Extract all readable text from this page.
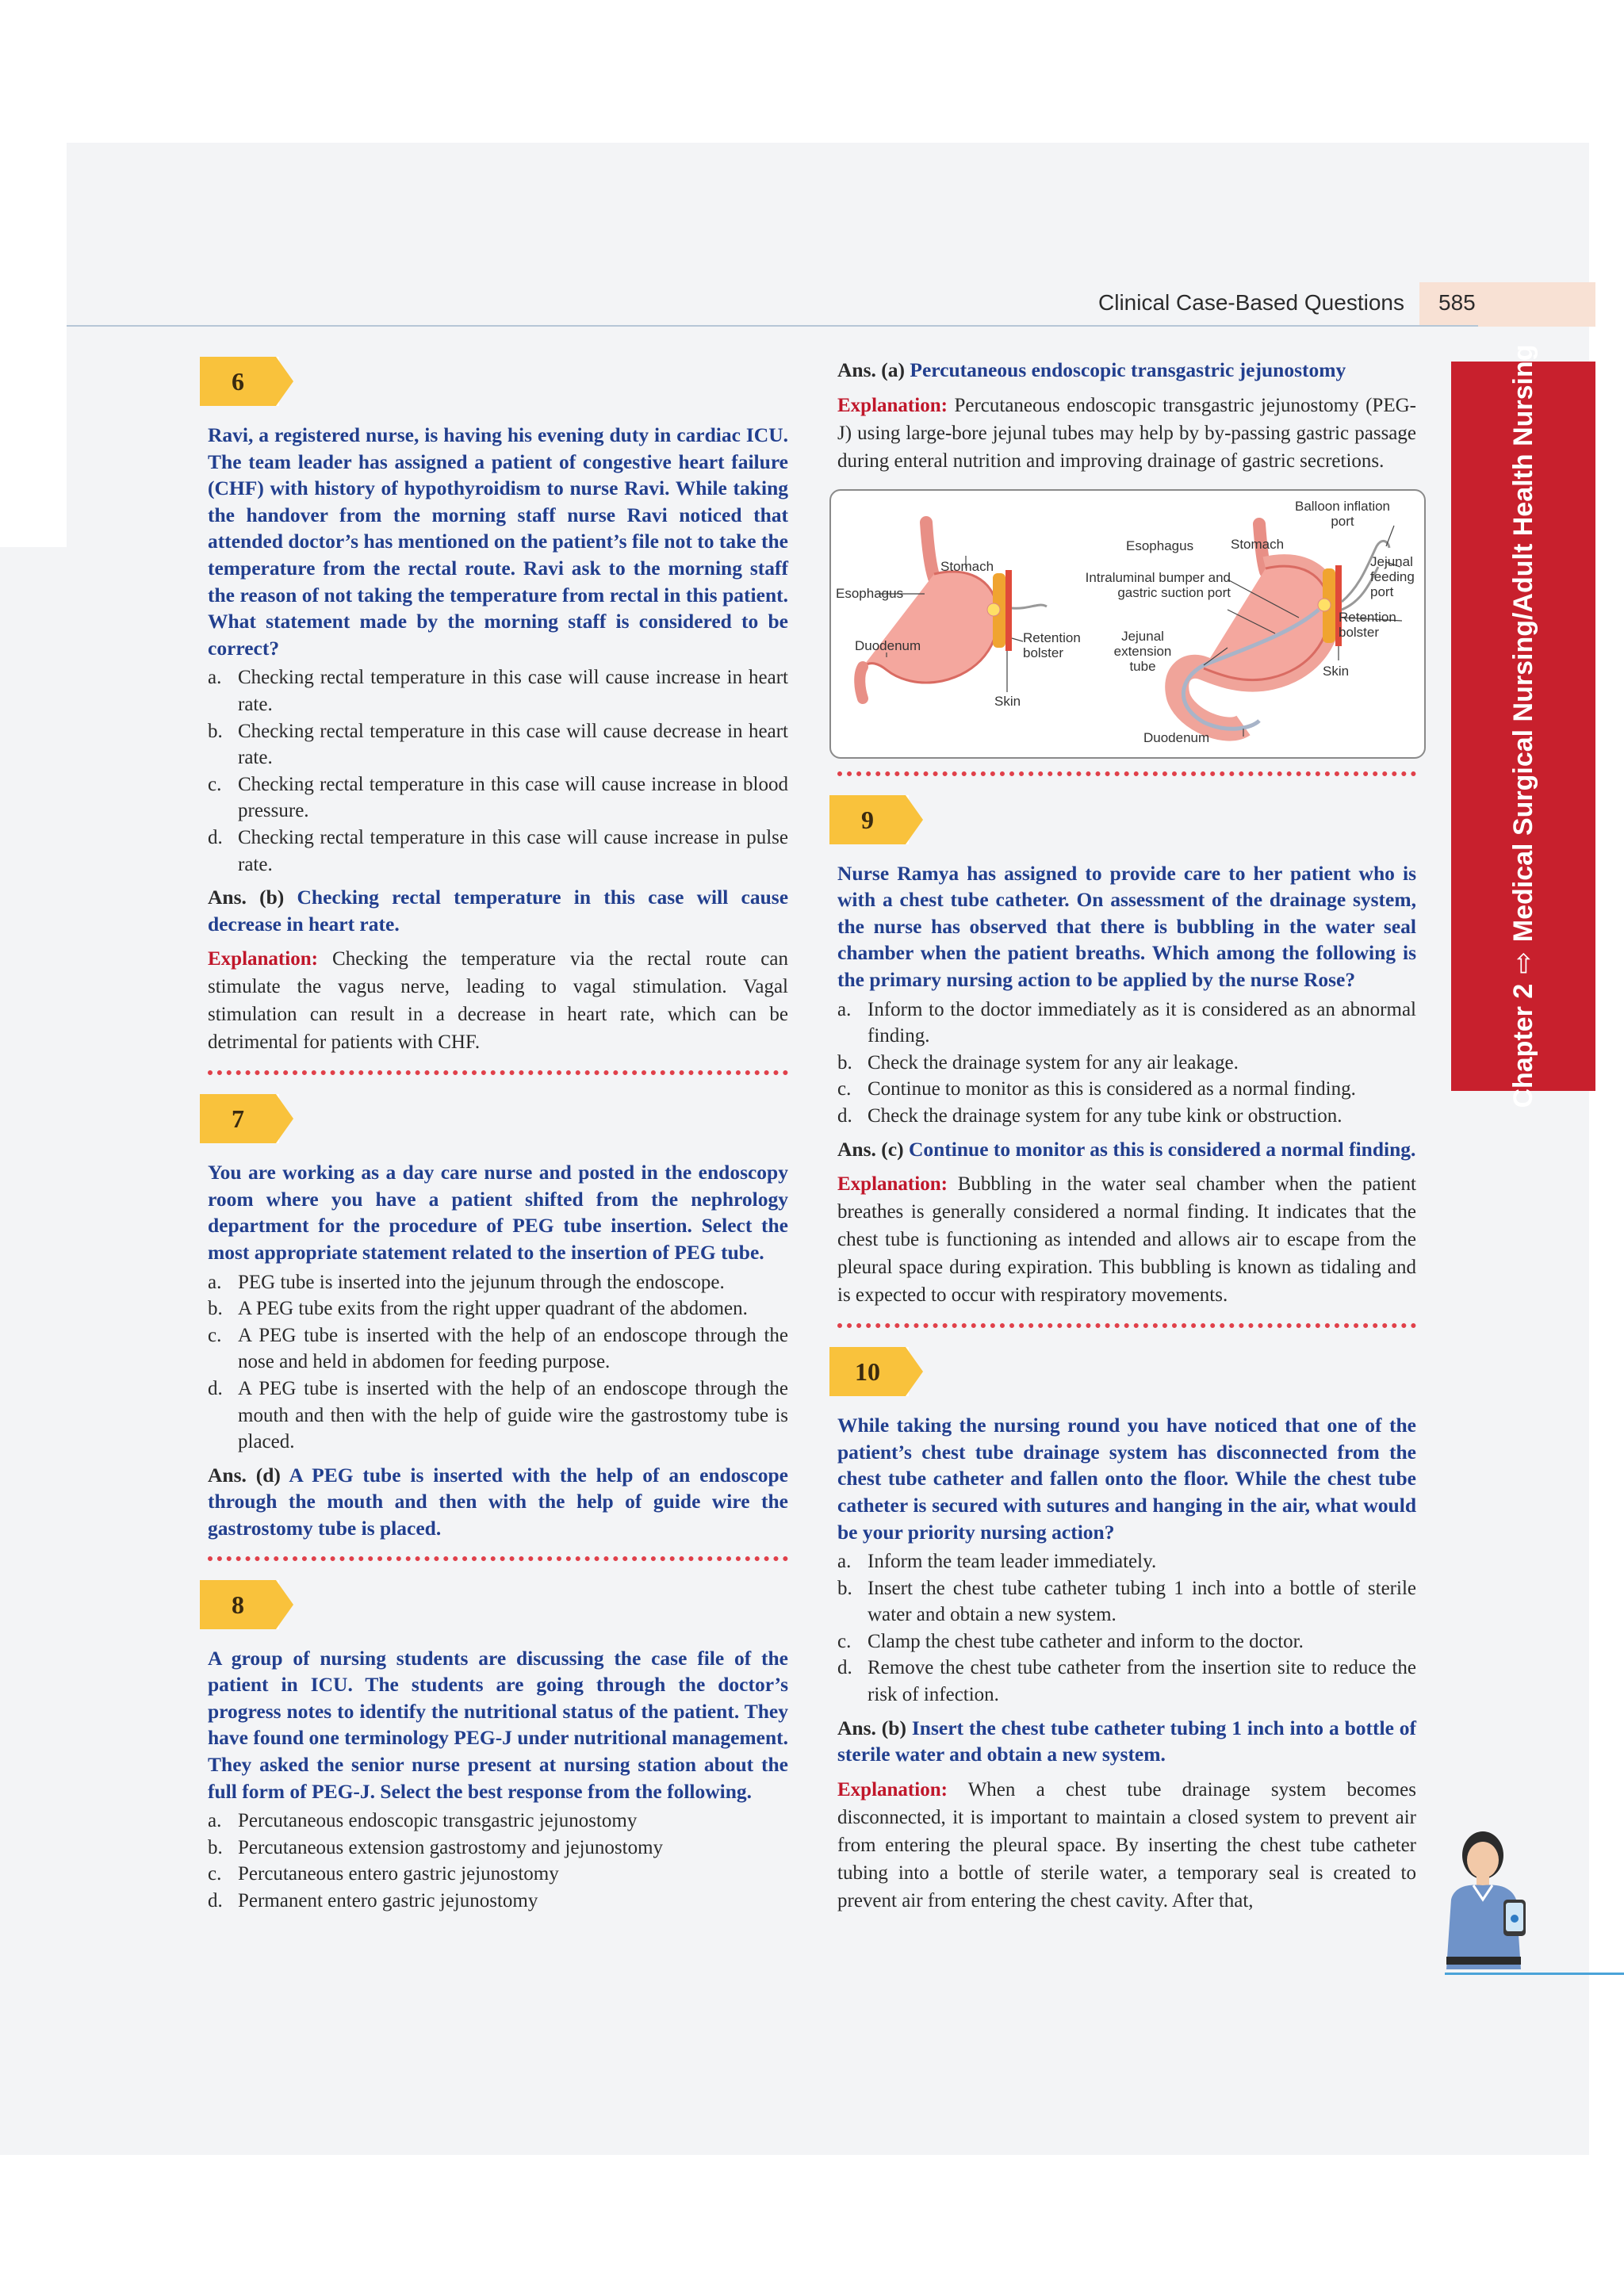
Clinical Case-Based Questions 585
Chapter 2⇨Medical Surgical Nursing/Adult Health Nursing
6
Ravi, a registered nurse, is having his evening duty in cardiac ICU. The team leader has assigned a patient of congestive heart failure (CHF) with history of hypothyroidism to nurse Ravi. While taking the handover from the morning staff nurse Ravi noticed that attended doctor’s has mentioned on the patient’s file not to take the temperature from the rectal route. Ravi ask to the morning staff the reason of not taking the temperature from rectal in this patient. What statement made by the morning staff is considered to be correct?
a. Checking rectal temperature in this case will cause increase in heart rate.
b. Checking rectal temperature in this case will cause decrease in heart rate.
c. Checking rectal temperature in this case will cause increase in blood pressure.
d. Checking rectal temperature in this case will cause increase in pulse rate.
Ans. (b) Checking rectal temperature in this case will cause decrease in heart rate.
Explanation: Checking the temperature via the rectal route can stimulate the vagus nerve, leading to vagal stimulation. Vagal stimulation can result in a decrease in heart rate, which can be detrimental for patients with CHF.
7
You are working as a day care nurse and posted in the endoscopy room where you have a patient shifted from the nephrology department for the procedure of PEG tube insertion. Select the most appropriate statement related to the insertion of PEG tube.
a. PEG tube is inserted into the jejunum through the endoscope.
b. A PEG tube exits from the right upper quadrant of the abdomen.
c. A PEG tube is inserted with the help of an endoscope through the nose and held in abdomen for feeding purpose.
d. A PEG tube is inserted with the help of an endoscope through the mouth and then with the help of guide wire the gastrostomy tube is placed.
Ans. (d) A PEG tube is inserted with the help of an endoscope through the mouth and then with the help of guide wire the gastrostomy tube is placed.
8
A group of nursing students are discussing the case file of the patient in ICU. The students are going through the doctor’s progress notes to identify the nutritional status of the patient. They have found one terminology PEG-J under nutritional management. They asked the senior nurse present at nursing station about the full form of PEG-J. Select the best response from the following.
a. Percutaneous endoscopic transgastric jejunostomy
b. Percutaneous extension gastrostomy and jejunostomy
c. Percutaneous entero gastric jejunostomy
d. Permanent entero gastric jejunostomy
Ans. (a) Percutaneous endoscopic transgastric jejunostomy
Explanation: Percutaneous endoscopic transgastric jejunostomy (PEG-J) using large-bore jejunal tubes may help by by-passing gastric passage during enteral nutrition and improving drainage of gastric secretions.
Esophagus
Stomach
Duodenum
Retention bolster
Skin
Esophagus	Stomach
Balloon inflation port
Jejunal feeding port
Intraluminal bumper and gastric suction port
Jejunal extension tube
Retention bolster
Skin
Duodenum
9
Nurse Ramya has assigned to provide care to her patient who is with a chest tube catheter. On assessment of the drainage system, the nurse has observed that there is bubbling in the water seal chamber when the patient breaths. Which among the following is the primary nursing action to be applied by the nurse Rose?
a. Inform to the doctor immediately as it is considered as an abnormal finding.
b. Check the drainage system for any air leakage.
c. Continue to monitor as this is considered as a normal finding.
d. Check the drainage system for any tube kink or obstruction.
Ans. (c) Continue to monitor as this is considered a normal finding.
Explanation: Bubbling in the water seal chamber when the patient breathes is generally considered a normal finding. It indicates that the chest tube is functioning as intended and allows air to escape from the pleural space during expiration. This bubbling is known as tidaling and is expected to occur with respiratory movements.
10
While taking the nursing round you have noticed that one of the patient’s chest tube drainage system has disconnected from the chest tube catheter and fallen onto the floor. While the chest tube catheter is secured with sutures and hanging in the air, what would be your priority nursing action?
a. Inform the team leader immediately.
b. Insert the chest tube catheter tubing 1 inch into a bottle of sterile water and obtain a new system.
c. Clamp the chest tube catheter and inform to the doctor.
d. Remove the chest tube catheter from the insertion site to reduce the risk of infection.
Ans. (b) Insert the chest tube catheter tubing 1 inch into a bottle of sterile water and obtain a new system.
Explanation: When a chest tube drainage system becomes disconnected, it is important to maintain a closed system to prevent air from entering the pleural space. By inserting the chest tube catheter tubing into a bottle of sterile water, a temporary seal is created to prevent air from entering the chest cavity. After that,
